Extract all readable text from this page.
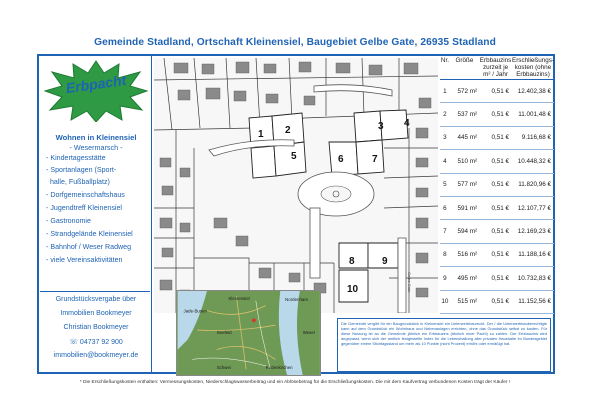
Gemeinde Stadland, Ortschaft Kleinensiel, Baugebiet Gelbe Gate, 26935 Stadland
Erbpacht
Wohnen in Kleinensiel
- Wesermarsch -
- Kindertagesstätte
- Sportanlagen (Sport-
halle, Fußballplatz)
- Dorfgemeinschaftshaus
- Jugendtreff Kleinensiel
- Gastronomie
- Strandgelände Kleinensiel
- Bahnhof / Weser Radweg
- viele Vereinsaktivitäten
Grundstücksvergabe über
Immobilien Bookmeyer
Christian Bookmeyer
☏ 04737 92 900
immobilien@bookmeyer.de
1 2
5
3 4
6	7
8	9
10	Gelbe Gate
Kleinensiel
Jade-Busen
Nordenham
Seefeld	Weser
Rodenkirchen
Schwei
Nr.	Größe	Erbbauzins zurzeit je m² / Jahr	Erschließungs-kosten (ohne Erbbauzins)
1	572 m²	0,51 €	12.402,38 €
2	537 m²	0,51 €	11.001,48 €
3	445 m²	0,51 €	9.116,68 €
4	510 m²	0,51 €	10.448,32 €
5	577 m²	0,51 €	11.820,96 €
6	591 m²	0,51 €	12.107,77 €
7	594 m²	0,51 €	12.169,23 €
8	516 m²	0,51 €	11.188,16 €
9	495 m²	0,51 €	10.732,83 €
10	515 m²	0,51 €	11.152,56 €
Die Gemeinde vergibt für ein Baugrundstück in Kleinensiel ein Unterwerbbaurecht. Der / die Unterwerbbauberechtigte kann auf dem Grundstück ein Wohnhaus und Nebenanlagen errichten, ohne das Grundstück selbst zu kaufen. Für diese Nutzung ist an die Gemeinde jährlich ein Erbbauzins (ähnlich einer Pacht) zu zahlen. Der Erbbauzins wird angepasst, wenn sich der amtlich festgestellte Index für die Lebenshaltung aller privaten Haushalte im Bundesgebiet gegenüber einem Stichtagsstand um mehr als 10 Punkte (nicht Prozent) erhöht oder ermäßigt hat.
* Die Erschließungskosten enthalten: Vermessungskosten, Niederschlagswasserbeitrag und ein Ablösebetrag für die Erschließungskosten. Die mit dem Kaufvertrag verbundenen Kosten trägt der Käufer !
